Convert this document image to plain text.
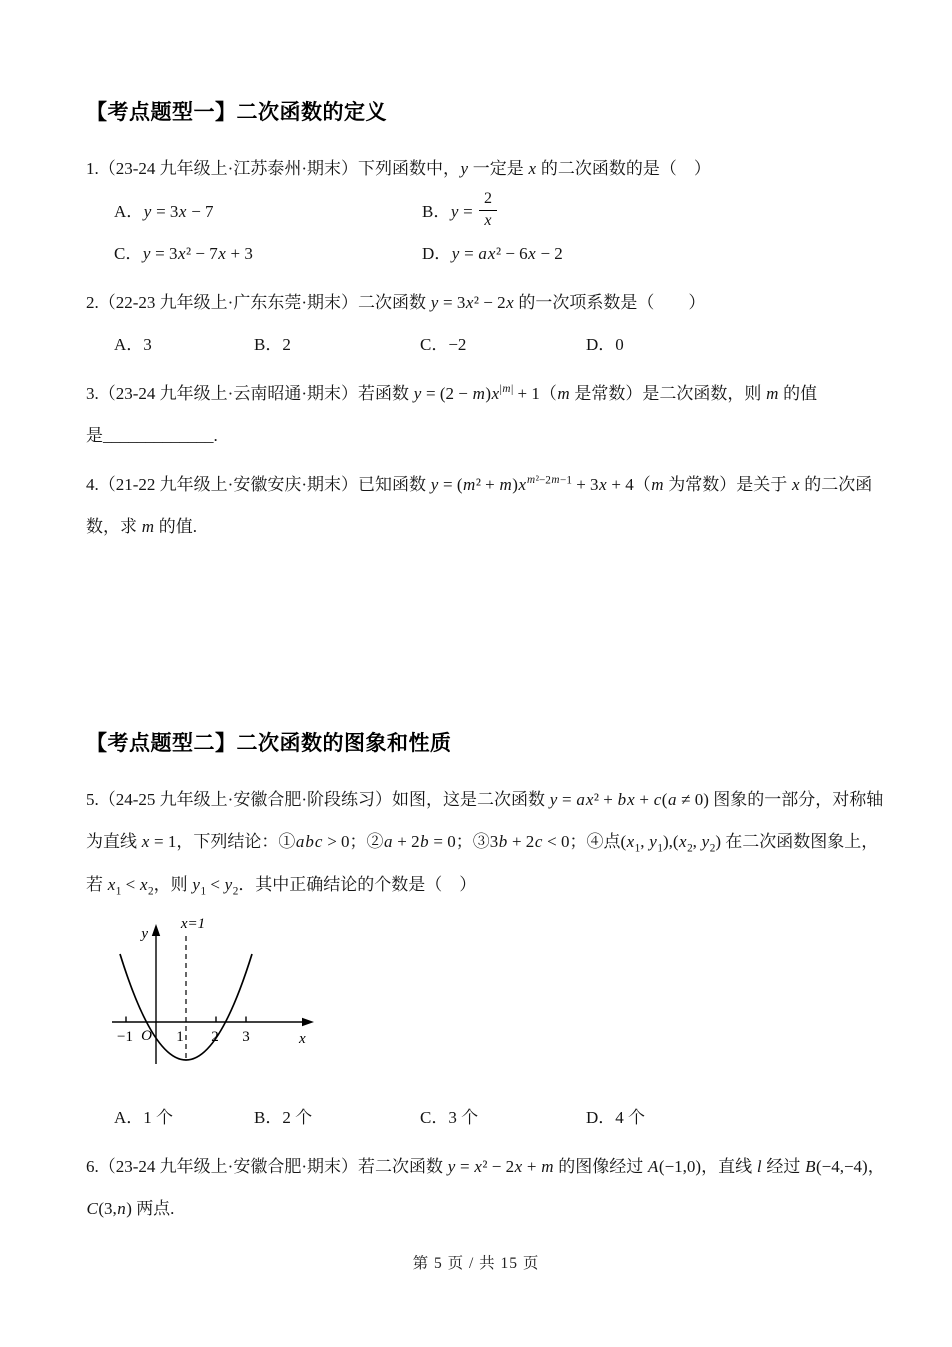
【考点题型一】二次函数的定义

1.（23-24 九年级上·江苏泰州·期末）下列函数中，y 一定是 x 的二次函数的是（　）

A．y = 3x − 7	B．$y = \frac{2}{x}$
C．y = 3x² − 7x + 3	D．y = ax² − 6x − 2

2.（22-23 九年级上·广东东莞·期末）二次函数 y = 3x² − 2x 的一次项系数是（　　）

A．3	B．2	C．−2	D．0

3.（23-24 九年级上·云南昭通·期末）若函数 $y = (2 - m)x^{|m|} + 1(m$ 是常数）是二次函数，则 m 的值
是_____________.

4.（21-22 九年级上·安徽安庆·期末）已知函数 $y = (m^2 + m)x^{m^2-2m-1} + 3x + 4(m$ 为常数）是关于 x 的二次函
数，求 m 的值.

【考点题型二】二次函数的图象和性质

5.（24-25 九年级上·安徽合肥·阶段练习）如图，这是二次函数 y = ax² + bx + c(a ≠ 0) 图象的一部分，对称轴
为直线 x = 1，下列结论：①abc > 0；②a + 2b = 0；③3b + 2c < 0；④点($x_1$, $y_1),(x_2$, $y_2$) 在二次函数图象上，
若 $x_1 < x_2$，则 $y_1 < y_2$．其中正确结论的个数是（　）

y
x=1
O
−1	1 2 3	x
A．1 个	B．2 个	C．3 个	D．4 个

6.（23-24 九年级上·安徽合肥·期末）若二次函数 y = x² − 2x + m 的图像经过 A(−1,0)，直线 l 经过 B(−4,−4)，
C(3,n) 两点.

第 5 页 / 共 15 页
